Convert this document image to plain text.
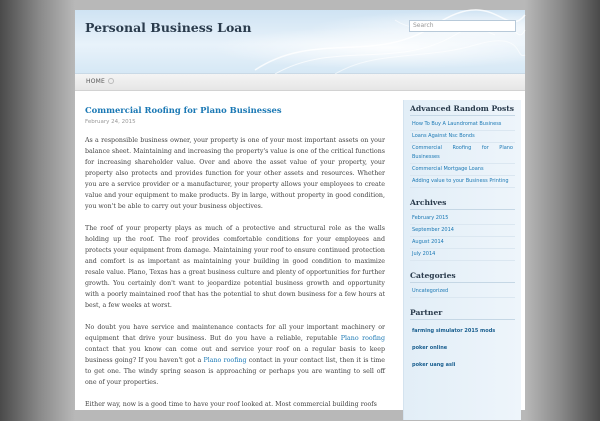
Personal Business Loan	Search
HOME
Commercial Roofing for Plano Businesses
February 24, 2015

As a responsible business owner, your property is one of your most important assets on your balance sheet. Maintaining and increasing the property's value is one of the critical functions for increasing shareholder value. Over and above the asset value of your property, your property also protects and provides function for your other assets and resources. Whether you are a service provider or a manufacturer, your property allows your employees to create value and your equipment to make products. By in large, without property in good condition, you won't be able to carry out your business objectives.

The roof of your property plays as much of a protective and structural role as the walls holding up the roof. The roof provides comfortable conditions for your employees and protects your equipment from damage. Maintaining your roof to ensure continued protection and comfort is as important as maintaining your building in good condition to maximize resale value. Plano, Texas has a great business culture and plenty of opportunities for further growth. You certainly don't want to jeopardize potential business growth and opportunity with a poorly maintained roof that has the potential to shut down business for a few hours at best, a few weeks at worst.

No doubt you have service and maintenance contacts for all your important machinery or equipment that drive your business. But do you have a reliable, reputable Plano roofing contact that you know can come out and service your roof on a regular basis to keep business going? If you haven't got a Plano roofing contact in your contact list, then it is time to get one. The windy spring season is approaching or perhaps you are wanting to sell off one of your properties.

Either way, now is a good time to have your roof looked at. Most commercial building roofs

Advanced Random Posts
How To Buy A Laundromat Business
Loans Against Nsc Bonds
Commercial Roofing for Plano Businesses
Commercial Mortgage Loans
Adding value to your Business Printing
Archives
February 2015
September 2014
August 2014
July 2014
Categories
Uncategorized
Partner
farming simulator 2015 mods
poker online
poker uang asli
